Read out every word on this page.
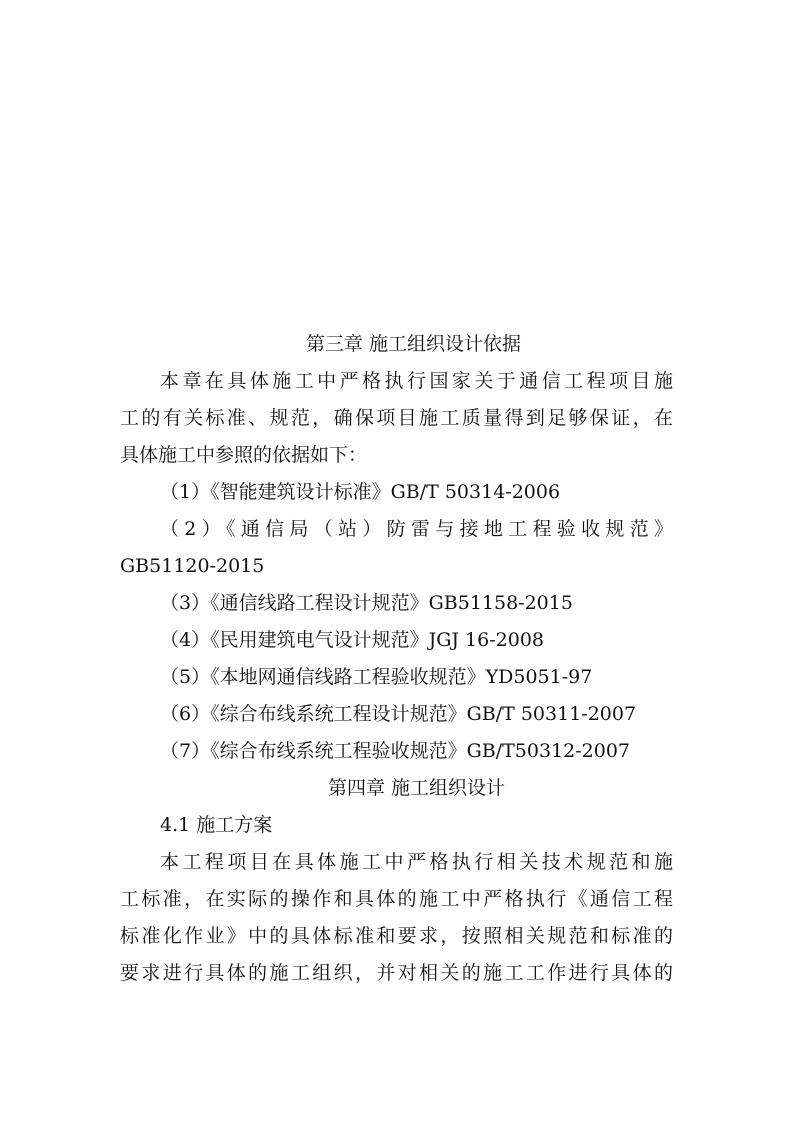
第三章 施工组织设计依据
本章在具体施工中严格执行国家关于通信工程项目施
工的有关标准、规范，确保项目施工质量得到足够保证，在
具体施工中参照的依据如下：
（1）《智能建筑设计标准》GB/T 50314-2006
（2）《通信局（站）防雷与接地工程验收规范》
GB51120-2015
（3）《通信线路工程设计规范》GB51158-2015
（4）《民用建筑电气设计规范》JGJ 16-2008
（5）《本地网通信线路工程验收规范》YD5051-97
（6）《综合布线系统工程设计规范》GB/T 50311-2007
（7）《综合布线系统工程验收规范》GB/T50312-2007
第四章 施工组织设计
4.1 施工方案
本工程项目在具体施工中严格执行相关技术规范和施
工标准，在实际的操作和具体的施工中严格执行《通信工程
标准化作业》中的具体标准和要求，按照相关规范和标准的
要求进行具体的施工组织，并对相关的施工工作进行具体的
